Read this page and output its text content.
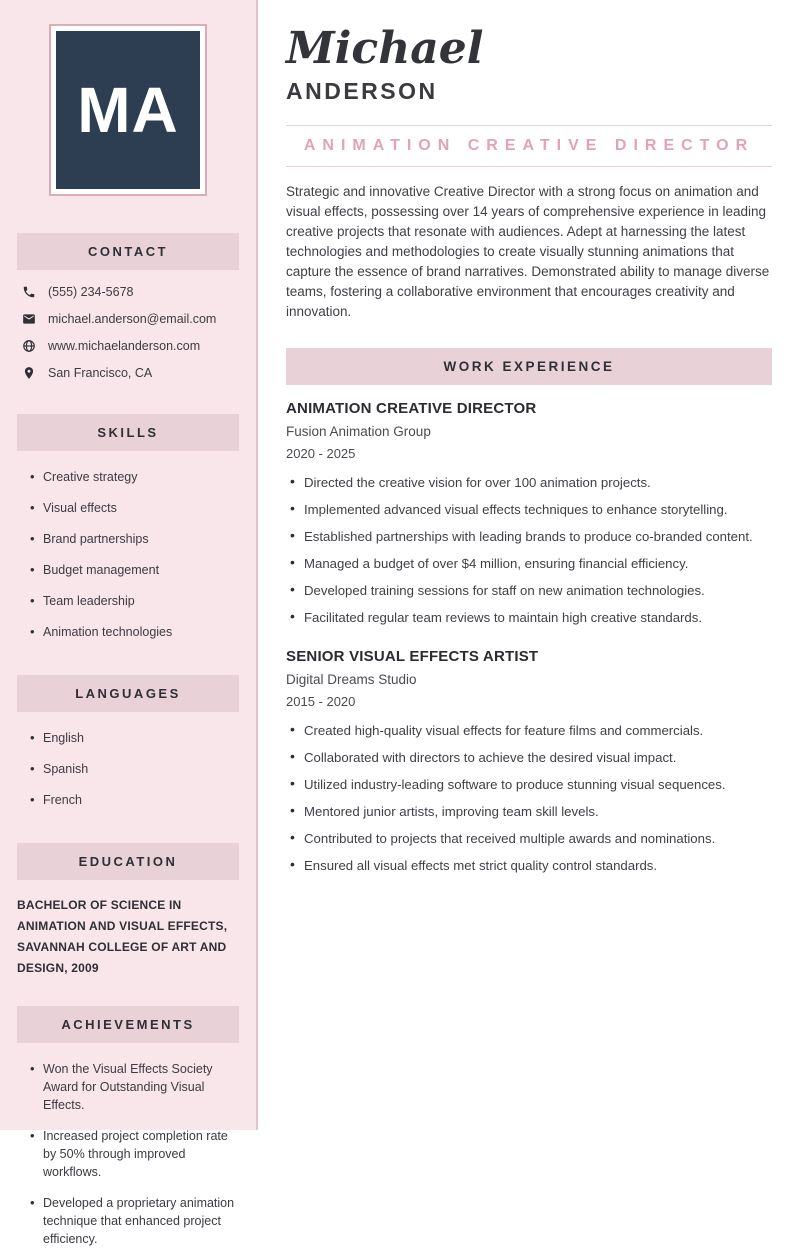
MA
CONTACT
(555) 234-5678
michael.anderson@email.com
www.michaelanderson.com
San Francisco, CA
SKILLS
• Creative strategy
• Visual effects
• Brand partnerships
• Budget management
• Team leadership
• Animation technologies
LANGUAGES
• English
• Spanish
• French
EDUCATION
BACHELOR OF SCIENCE IN ANIMATION AND VISUAL EFFECTS, SAVANNAH COLLEGE OF ART AND DESIGN, 2009
ACHIEVEMENTS
• Won the Visual Effects Society Award for Outstanding Visual Effects.
• Increased project completion rate by 50% through improved workflows.
• Developed a proprietary animation technique that enhanced project efficiency.
Michael
ANDERSON
ANIMATION CREATIVE DIRECTOR

Strategic and innovative Creative Director with a strong focus on animation and visual effects, possessing over 14 years of comprehensive experience in leading creative projects that resonate with audiences. Adept at harnessing the latest technologies and methodologies to create visually stunning animations that capture the essence of brand narratives. Demonstrated ability to manage diverse teams, fostering a collaborative environment that encourages creativity and innovation.

WORK EXPERIENCE
ANIMATION CREATIVE DIRECTOR
Fusion Animation Group
2020 - 2025
• Directed the creative vision for over 100 animation projects.
• Implemented advanced visual effects techniques to enhance storytelling.
• Established partnerships with leading brands to produce co-branded content.
• Managed a budget of over $4 million, ensuring financial efficiency.
• Developed training sessions for staff on new animation technologies.
• Facilitated regular team reviews to maintain high creative standards.
SENIOR VISUAL EFFECTS ARTIST
Digital Dreams Studio
2015 - 2020
• Created high-quality visual effects for feature films and commercials.
• Collaborated with directors to achieve the desired visual impact.
• Utilized industry-leading software to produce stunning visual sequences.
• Mentored junior artists, improving team skill levels.
• Contributed to projects that received multiple awards and nominations.
• Ensured all visual effects met strict quality control standards.
